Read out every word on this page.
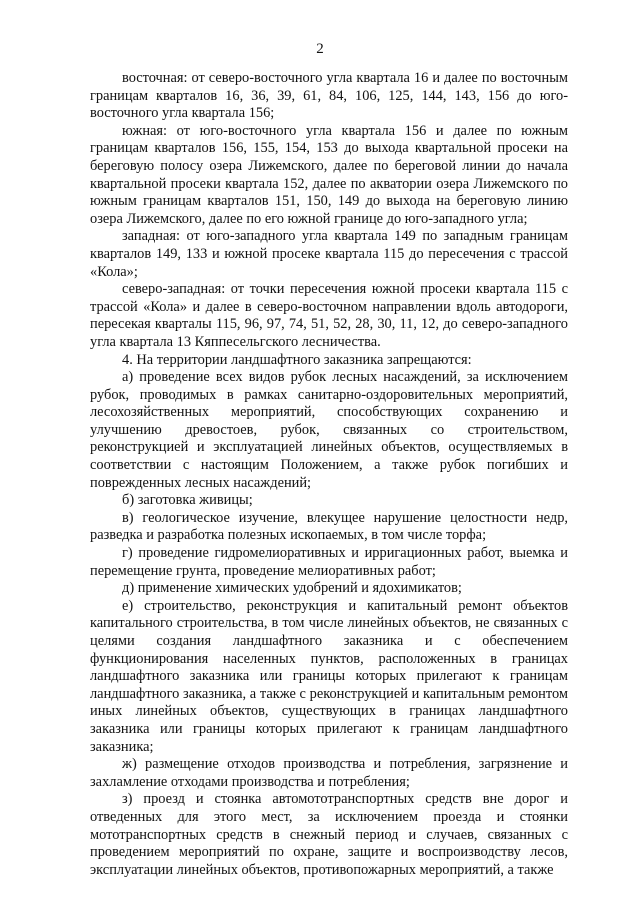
2

восточная: от северо-восточного угла квартала 16 и далее по восточным границам кварталов 16, 36, 39, 61, 84, 106, 125, 144, 143, 156 до юго-восточного угла квартала 156;

южная: от юго-восточного угла квартала 156 и далее по южным границам кварталов 156, 155, 154, 153 до выхода квартальной просеки на береговую полосу озера Лижемского, далее по береговой линии до начала квартальной просеки квартала 152, далее по акватории озера Лижемского по южным границам кварталов 151, 150, 149 до выхода на береговую линию озера Лижемского, далее по его южной границе до юго-западного угла;

западная: от юго-западного угла квартала 149 по западным границам кварталов 149, 133 и южной просеке квартала 115 до пересечения с трассой «Кола»;

северо-западная: от точки пересечения южной просеки квартала 115 с трассой «Кола» и далее в северо-восточном направлении вдоль автодороги, пересекая кварталы 115, 96, 97, 74, 51, 52, 28, 30, 11, 12, до северо-западного угла квартала 13 Кяппесельгского лесничества.

4. На территории ландшафтного заказника запрещаются:

а) проведение всех видов рубок лесных насаждений, за исключением рубок, проводимых в рамках санитарно-оздоровительных мероприятий, лесохозяйственных мероприятий, способствующих сохранению и улучшению древостоев, рубок, связанных со строительством, реконструкцией и эксплуатацией линейных объектов, осуществляемых в соответствии с настоящим Положением, а также рубок погибших и поврежденных лесных насаждений;

б) заготовка живицы;

в) геологическое изучение, влекущее нарушение целостности недр, разведка и разработка полезных ископаемых, в том числе торфа;

г) проведение гидромелиоративных и ирригационных работ, выемка и перемещение грунта, проведение мелиоративных работ;

д) применение химических удобрений и ядохимикатов;

е) строительство, реконструкция и капитальный ремонт объектов капитального строительства, в том числе линейных объектов, не связанных с целями создания ландшафтного заказника и с обеспечением функционирования населенных пунктов, расположенных в границах ландшафтного заказника или границы которых прилегают к границам ландшафтного заказника, а также с реконструкцией и капитальным ремонтом иных линейных объектов, существующих в границах ландшафтного заказника или границы которых прилегают к границам ландшафтного заказника;

ж) размещение отходов производства и потребления, загрязнение и захламление отходами производства и потребления;

з) проезд и стоянка автомототранспортных средств вне дорог и отведенных для этого мест, за исключением проезда и стоянки мототранспортных средств в снежный период и случаев, связанных с проведением мероприятий по охране, защите и воспроизводству лесов, эксплуатации линейных объектов, противопожарных мероприятий, а также
